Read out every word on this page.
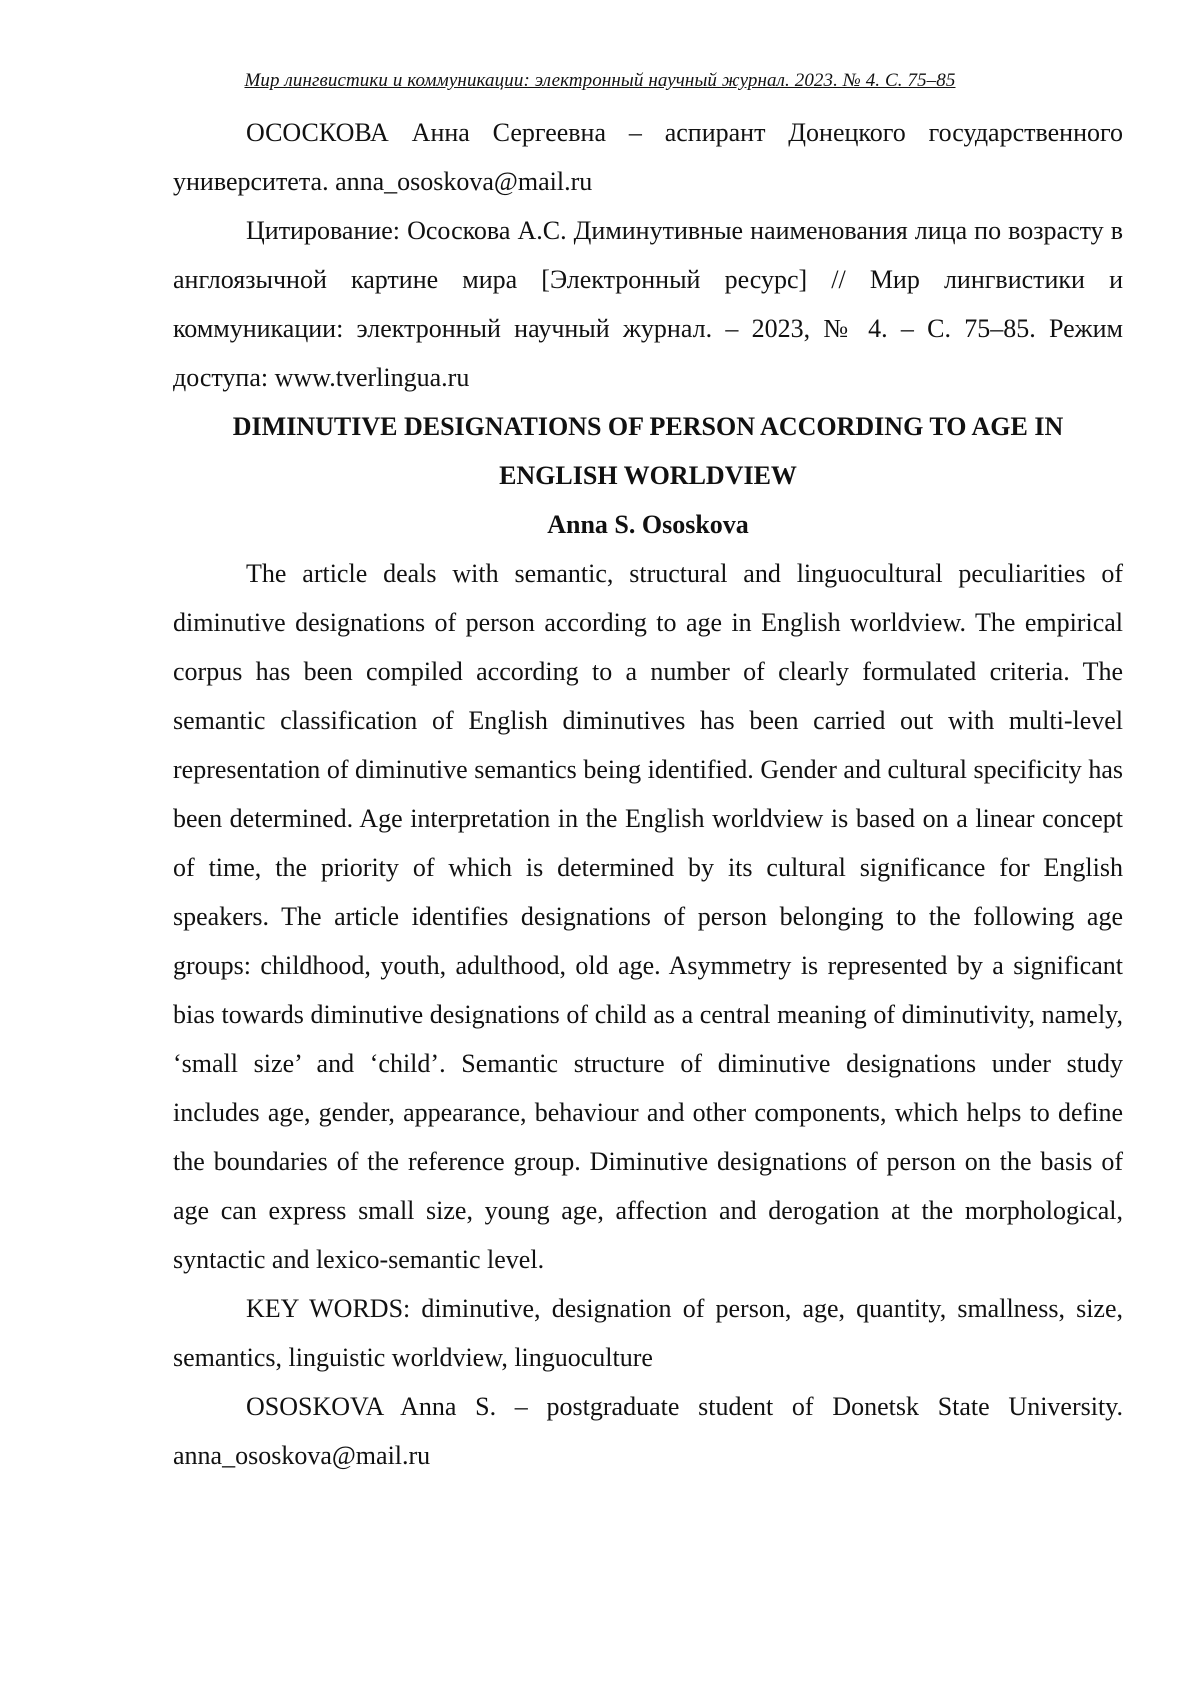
Мир лингвистики и коммуникации: электронный научный журнал. 2023. № 4. С. 75–85

ОСОСКОВА Анна Сергеевна – аспирант Донецкого государственного университета. anna_ososkova@mail.ru

Цитирование: Ососкова А.С. Диминутивные наименования лица по возрасту в англоязычной картине мира [Электронный ресурс] // Мир лингвистики и коммуникации: электронный научный журнал. – 2023, № 4. – С. 75–85. Режим доступа: www.tverlingua.ru

DIMINUTIVE DESIGNATIONS OF PERSON ACCORDING TO AGE IN ENGLISH WORLDVIEW

Anna S. Ososkova

The article deals with semantic, structural and linguocultural peculiarities of diminutive designations of person according to age in English worldview. The empirical corpus has been compiled according to a number of clearly formulated criteria. The semantic classification of English diminutives has been carried out with multi-level representation of diminutive semantics being identified. Gender and cultural specificity has been determined. Age interpretation in the English worldview is based on a linear concept of time, the priority of which is determined by its cultural significance for English speakers. The article identifies designations of person belonging to the following age groups: childhood, youth, adulthood, old age. Asymmetry is represented by a significant bias towards diminutive designations of child as a central meaning of diminutivity, namely, ‘small size’ and ‘child’. Semantic structure of diminutive designations under study includes age, gender, appearance, behaviour and other components, which helps to define the boundaries of the reference group. Diminutive designations of person on the basis of age can express small size, young age, affection and derogation at the morphological, syntactic and lexico-semantic level.

KEY WORDS: diminutive, designation of person, age, quantity, smallness, size, semantics, linguistic worldview, linguoculture

OSOSKOVA Anna S. – postgraduate student of Donetsk State University. anna_ososkova@mail.ru
